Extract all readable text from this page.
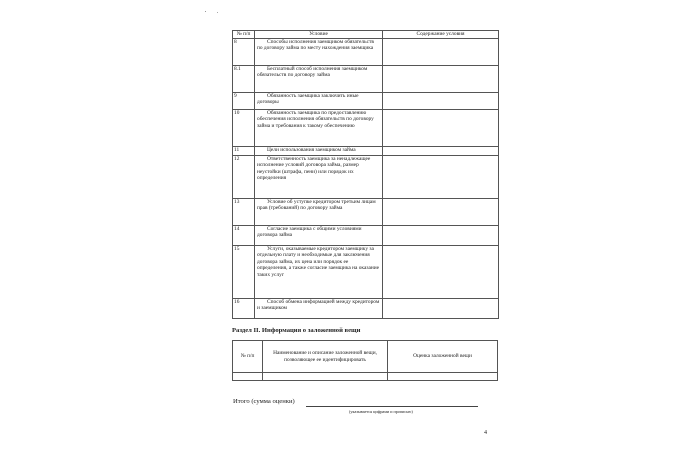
№ п/п	Условие	Содержание условия
8	Способы исполнения заемщиком обязательств по договору займа по месту нахождения заемщика	

8.1	Бесплатный способ исполнения заемщиком обязательств по договору займа	

9	Обязанность заемщика заключить иные договоры	

10	Обязанность заемщика по предоставлению обеспечения исполнения обязательств по договору займа и требования к такому обеспечению	

11	Цели использования заемщиком займа	

12	Ответственность заемщика за ненадлежащее исполнение условий договора займа, размер неустойки (штрафа, пени) или порядок их определения	

13	Условие об уступке кредитором третьим лицам прав (требований) по договору займа	

14	Согласие заемщика с общими условиями договора займа	

15	Услуги, оказываемые кредитором заемщику за отдельную плату и необходимые для заключения договора займа, их цена или порядок ее определения, а также согласие заемщика на оказание таких услуг	

16	Способ обмена информацией между кредитором и заемщиком	

Раздел II. Информация о заложенной вещи
№ п/п	Наименование и описание заложенной вещи, позволяющее ее идентифицировать	Оценка заложенной вещи

Итого (сумма оценки)
(указывается цифрами и прописью)
4
